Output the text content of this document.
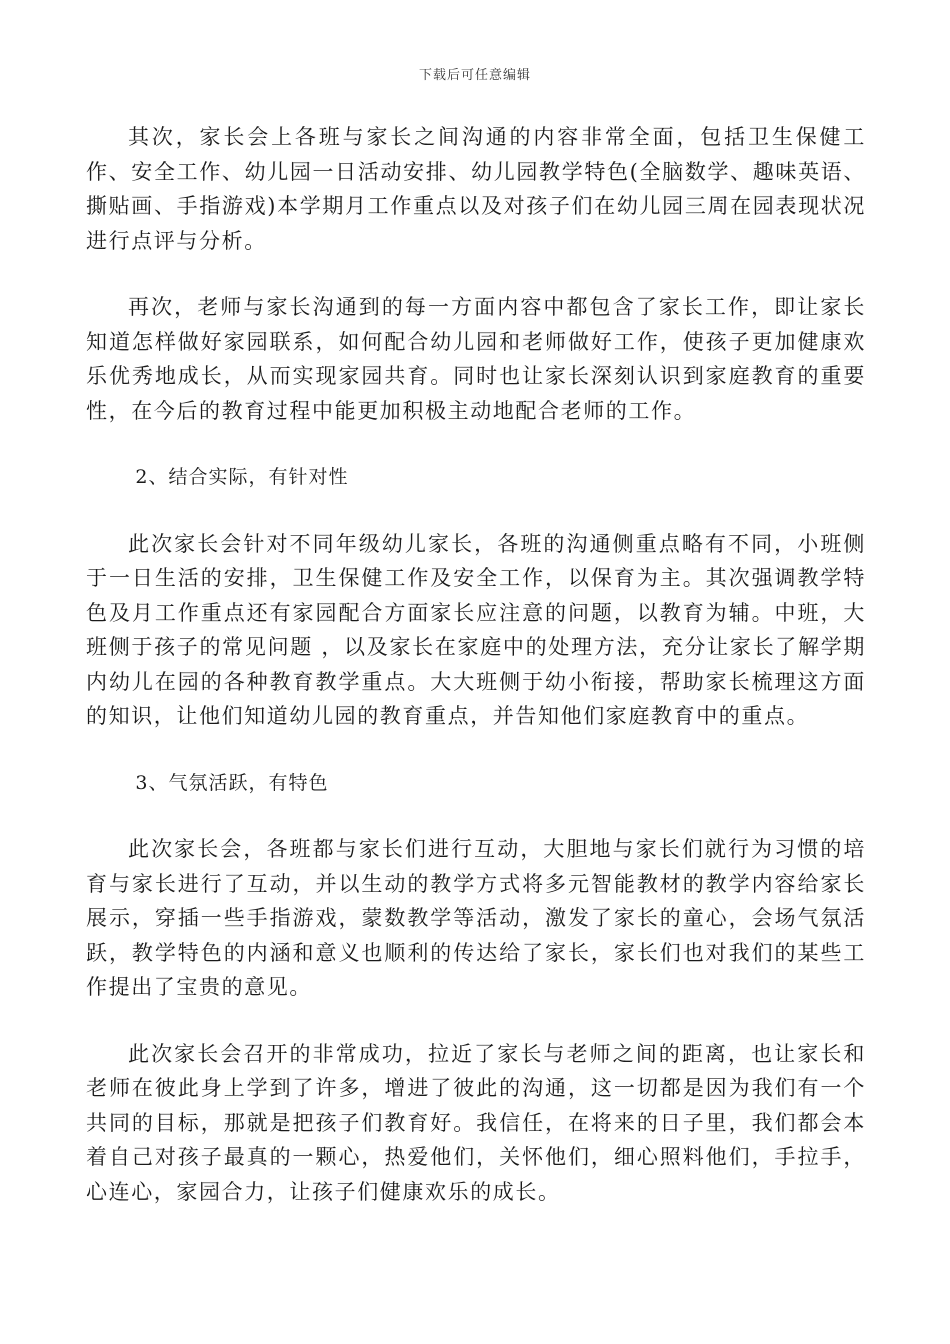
下载后可任意编辑

其次，家长会上各班与家长之间沟通的内容非常全面，包括卫生保健工作、安全工作、幼儿园一日活动安排、幼儿园教学特色(全脑数学、趣味英语、撕贴画、手指游戏)本学期月工作重点以及对孩子们在幼儿园三周在园表现状况进行点评与分析。

再次，老师与家长沟通到的每一方面内容中都包含了家长工作，即让家长知道怎样做好家园联系，如何配合幼儿园和老师做好工作，使孩子更加健康欢乐优秀地成长，从而实现家园共育。同时也让家长深刻认识到家庭教育的重要性，在今后的教育过程中能更加积极主动地配合老师的工作。

2、结合实际，有针对性

此次家长会针对不同年级幼儿家长，各班的沟通侧重点略有不同，小班侧于一日生活的安排，卫生保健工作及安全工作，以保育为主。其次强调教学特色及月工作重点还有家园配合方面家长应注意的问题，以教育为辅。中班，大班侧于孩子的常见问题 ，以及家长在家庭中的处理方法，充分让家长了解学期内幼儿在园的各种教育教学重点。大大班侧于幼小衔接，帮助家长梳理这方面的知识，让他们知道幼儿园的教育重点，并告知他们家庭教育中的重点。

3、气氛活跃，有特色

此次家长会，各班都与家长们进行互动，大胆地与家长们就行为习惯的培育与家长进行了互动，并以生动的教学方式将多元智能教材的教学内容给家长展示，穿插一些手指游戏，蒙数教学等活动，激发了家长的童心，会场气氛活跃，教学特色的内涵和意义也顺利的传达给了家长，家长们也对我们的某些工作提出了宝贵的意见。

此次家长会召开的非常成功，拉近了家长与老师之间的距离，也让家长和老师在彼此身上学到了许多，增进了彼此的沟通，这一切都是因为我们有一个共同的目标，那就是把孩子们教育好。我信任，在将来的日子里，我们都会本着自己对孩子最真的一颗心，热爱他们，关怀他们，细心照料他们，手拉手，心连心，家园合力，让孩子们健康欢乐的成长。
